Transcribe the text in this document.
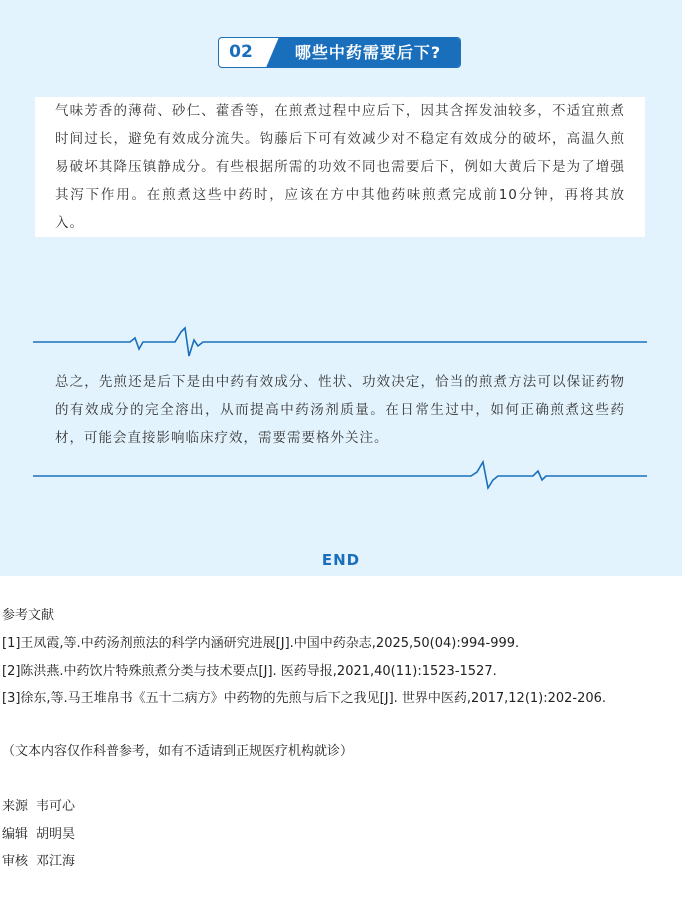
02	哪些中药需要后下?

气味芳香的薄荷、砂仁、藿香等，在煎煮过程中应后下，因其含挥发油较多，不适宜煎煮时间过长，避免有效成分流失。钩藤后下可有效减少对不稳定有效成分的破坏，高温久煎易破坏其降压镇静成分。有些根据所需的功效不同也需要后下，例如大黄后下是为了增强其泻下作用。在煎煮这些中药时，应该在方中其他药味煎煮完成前10分钟，再将其放入。

总之，先煎还是后下是由中药有效成分、性状、功效决定，恰当的煎煮方法可以保证药物的有效成分的完全溶出，从而提高中药汤剂质量。在日常生过中，如何正确煎煮这些药材，可能会直接影响临床疗效，需要需要格外关注。

END

参考文献

[1]王凤霞,等.中药汤剂煎法的科学内涵研究进展[J].中国中药杂志,2025,50(04):994-999.

[2]陈洪燕.中药饮片特殊煎煮分类与技术要点[J]. 医药导报,2021,40(11):1523-1527.

[3]徐东,等.马王堆帛书《五十二病方》中药物的先煎与后下之我见[J]. 世界中医药,2017,12(1):202-206.

（文本内容仅作科普参考，如有不适请到正规医疗机构就诊）

来源 韦可心

编辑 胡明昊

审核 邓江海
